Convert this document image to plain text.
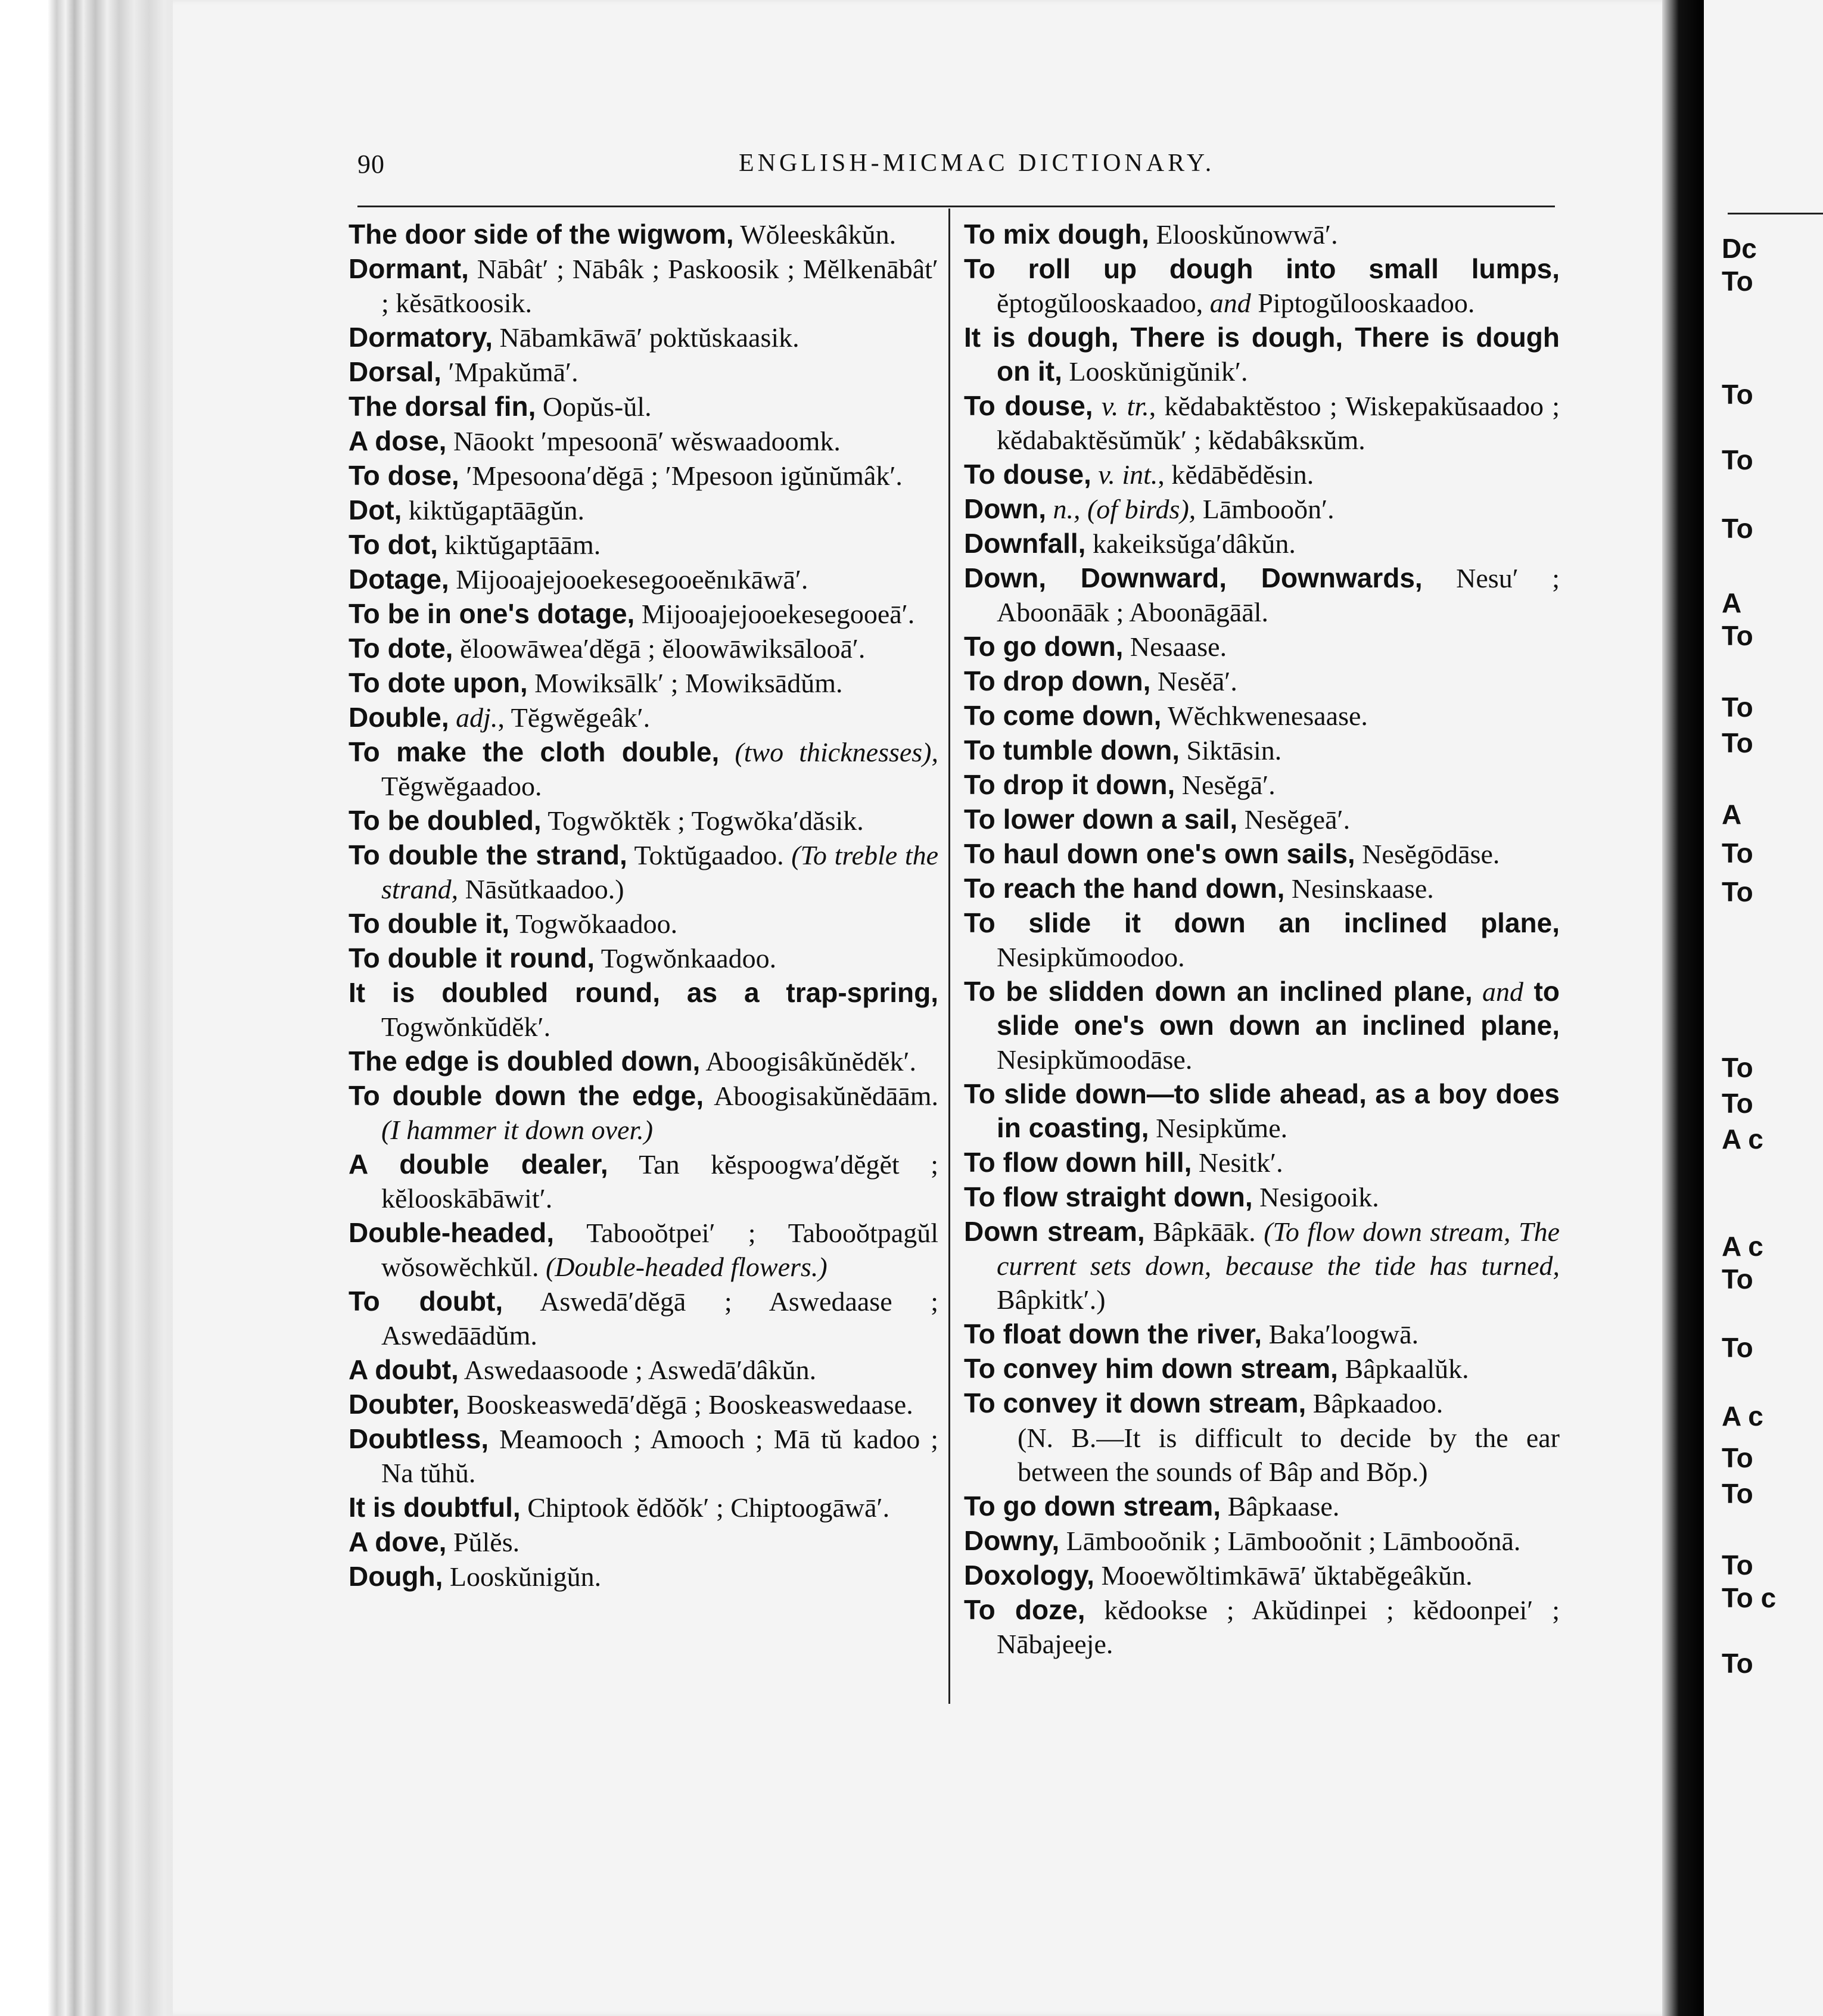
Dc
To
To
To
To
A
To
To
To
A
To
To
To
To
A c
A c
To
To
A c
To
To
To
To c
To
90	ENGLISH-MICMAC DICTIONARY.
The door side of the wigwom, Wŏleeskâkŭn.
Dormant, Nābât′ ; Nābâk ; Paskoosik ; Mĕlkenābât′ ; kĕsātkoosik.
Dormatory, Nābamkāwā′ poktŭskaasik.
Dorsal, ′Mpakŭmā′.
The dorsal fin, Oopŭs-ŭl.
A dose, Nāookt ′mpesoonā′ wĕswaadoomk.
To dose, ′Mpesoona′dĕgā ; ′Mpesoon igŭnŭmâk′.
Dot, kiktŭgaptāāgŭn.
To dot, kiktŭgaptāām.
Dotage, Mijooajejooekesegooeĕnıkāwā′.
To be in one's dotage, Mijooajejooekesegooeā′.
To dote, ĕloowāwea′dĕgā ; ĕloowāwiksālooā′.
To dote upon, Mowiksālk′ ; Mowiksādŭm.
Double, adj., Tĕgwĕgeâk′.
To make the cloth double, (two thicknesses), Tĕgwĕgaadoo.
To be doubled, Togwŏktĕk ; Togwŏka′dăsik.
To double the strand, Toktŭgaadoo. (To treble the strand, Nāsŭtkaadoo.)
To double it, Togwŏkaadoo.
To double it round, Togwŏnkaadoo.
It is doubled round, as a trap-spring, Togwŏnkŭdĕk′.
The edge is doubled down, Aboogisâkŭnĕdĕk′.
To double down the edge, Aboogisakŭnĕdāām. (I hammer it down over.)
A double dealer, Tan kĕspoogwa′dĕgĕt ; kĕlooskābāwit′.
Double-headed, Tabooŏtpei′ ; Tabooŏtpagŭl wŏsowĕchkŭl. (Double-headed flowers.)
To doubt, Aswedā′dĕgā ; Aswedaase ; Aswedāādŭm.
A doubt, Aswedaasoode ; Aswedā′dâkŭn.
Doubter, Booskeaswedā′dĕgā ; Booskeaswedaase.
Doubtless, Meamooch ; Amooch ; Mā tŭ kadoo ; Na tŭhŭ.
It is doubtful, Chiptook ĕdŏŏk′ ; Chiptoogāwā′.
A dove, Pŭlĕs.
Dough, Looskŭnigŭn.
To mix dough, Elooskŭnowwā′.
To roll up dough into small lumps, ĕptogŭlooskaadoo, and Piptogŭlooskaadoo.
It is dough, There is dough, There is dough on it, Looskŭnigŭnik′.
To douse, v. tr., kĕdabaktĕstoo ; Wiskepakŭsaadoo ; kĕdabaktĕsŭmŭk′ ; kĕdabâksкŭm.
To douse, v. int., kĕdābĕdĕsin.
Down, n., (of birds), Lāmbooŏn′.
Downfall, kakeiksŭga′dâkŭn.
Down, Downward, Downwards, Nesu′ ; Aboonāāk ; Aboonāgāāl.
To go down, Nesaase.
To drop down, Nesĕā′.
To come down, Wĕchkwenesaase.
To tumble down, Siktāsin.
To drop it down, Nesĕgā′.
To lower down a sail, Nesĕgeā′.
To haul down one's own sails, Nesĕgōdāse.
To reach the hand down, Nesinskaase.
To slide it down an inclined plane, Nesipkŭmoodoo.
To be slidden down an inclined plane, and to slide one's own down an inclined plane, Nesipkŭmoodāse.
To slide down—to slide ahead, as a boy does in coasting, Nesipkŭme.
To flow down hill, Nesitk′.
To flow straight down, Nesigooik.
Down stream, Bâpkāāk. (To flow down stream, The current sets down, because the tide has turned, Bâpkitk′.)
To float down the river, Baka′loogwā.
To convey him down stream, Bâpkaalŭk.
To convey it down stream, Bâpkaadoo.
(N. B.—It is difficult to decide by the ear between the sounds of Bâp and Bŏp.)
To go down stream, Bâpkaase.
Downy, Lāmbooŏnik ; Lāmbooŏnit ; Lāmbooŏnā.
Doxology, Mooewŏltimkāwā′ ŭktabĕgeâkŭn.
To doze, kĕdookse ; Akŭdinpei ; kĕdoonpei′ ; Nābajeeje.
